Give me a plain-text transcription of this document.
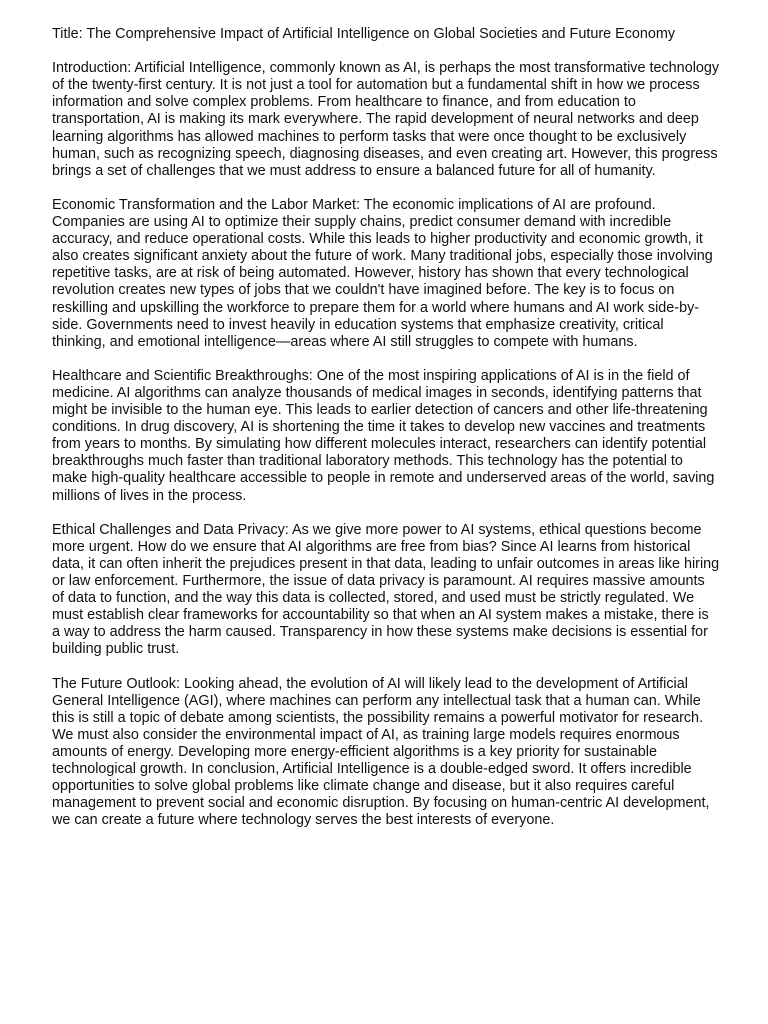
Title: The Comprehensive Impact of Artificial Intelligence on Global Societies and Future Economy

Introduction: Artificial Intelligence, commonly known as AI, is perhaps the most transformative technology of the twenty-first century. It is not just a tool for automation but a fundamental shift in how we process information and solve complex problems. From healthcare to finance, and from education to transportation, AI is making its mark everywhere. The rapid development of neural networks and deep learning algorithms has allowed machines to perform tasks that were once thought to be exclusively human, such as recognizing speech, diagnosing diseases, and even creating art. However, this progress brings a set of challenges that we must address to ensure a balanced future for all of humanity.

Economic Transformation and the Labor Market: The economic implications of AI are profound. Companies are using AI to optimize their supply chains, predict consumer demand with incredible accuracy, and reduce operational costs. While this leads to higher productivity and economic growth, it also creates significant anxiety about the future of work. Many traditional jobs, especially those involving repetitive tasks, are at risk of being automated. However, history has shown that every technological revolution creates new types of jobs that we couldn't have imagined before. The key is to focus on reskilling and upskilling the workforce to prepare them for a world where humans and AI work side-by-side. Governments need to invest heavily in education systems that emphasize creativity, critical thinking, and emotional intelligence—areas where AI still struggles to compete with humans.

Healthcare and Scientific Breakthroughs: One of the most inspiring applications of AI is in the field of medicine. AI algorithms can analyze thousands of medical images in seconds, identifying patterns that might be invisible to the human eye. This leads to earlier detection of cancers and other life-threatening conditions. In drug discovery, AI is shortening the time it takes to develop new vaccines and treatments from years to months. By simulating how different molecules interact, researchers can identify potential breakthroughs much faster than traditional laboratory methods. This technology has the potential to make high-quality healthcare accessible to people in remote and underserved areas of the world, saving millions of lives in the process.

Ethical Challenges and Data Privacy: As we give more power to AI systems, ethical questions become more urgent. How do we ensure that AI algorithms are free from bias? Since AI learns from historical data, it can often inherit the prejudices present in that data, leading to unfair outcomes in areas like hiring or law enforcement. Furthermore, the issue of data privacy is paramount. AI requires massive amounts of data to function, and the way this data is collected, stored, and used must be strictly regulated. We must establish clear frameworks for accountability so that when an AI system makes a mistake, there is a way to address the harm caused. Transparency in how these systems make decisions is essential for building public trust.

The Future Outlook: Looking ahead, the evolution of AI will likely lead to the development of Artificial General Intelligence (AGI), where machines can perform any intellectual task that a human can. While this is still a topic of debate among scientists, the possibility remains a powerful motivator for research. We must also consider the environmental impact of AI, as training large models requires enormous amounts of energy. Developing more energy-efficient algorithms is a key priority for sustainable technological growth. In conclusion, Artificial Intelligence is a double-edged sword. It offers incredible opportunities to solve global problems like climate change and disease, but it also requires careful management to prevent social and economic disruption. By focusing on human-centric AI development, we can create a future where technology serves the best interests of everyone.
